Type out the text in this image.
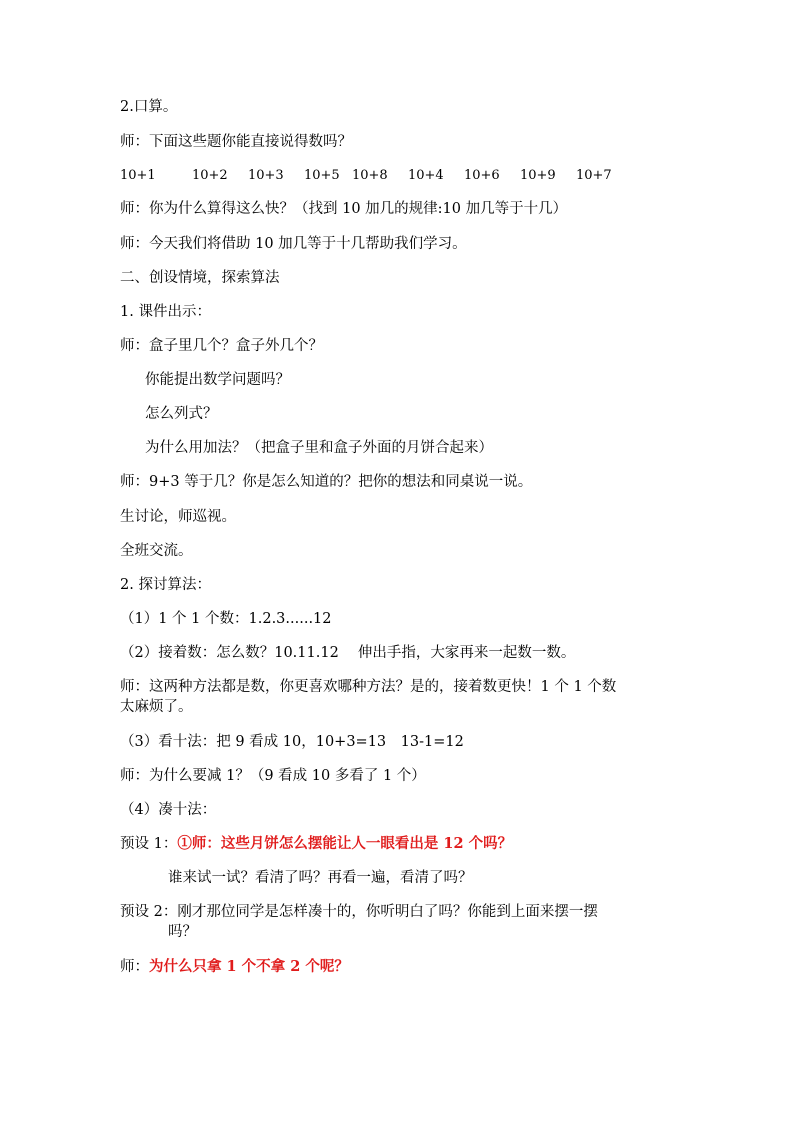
2.口算。
师：下面这些题你能直接说得数吗？
10+1	10+2 10+3 10+5 10+8 10+4 10+6 10+9 10+7
师：你为什么算得这么快？（找到 10 加几的规律:10 加几等于十几）
师：今天我们将借助 10 加几等于十几帮助我们学习。
二、创设情境，探索算法
1. 课件出示：
师：盒子里几个？盒子外几个？
你能提出数学问题吗？
怎么列式？
为什么用加法？（把盒子里和盒子外面的月饼合起来）
师：9+3 等于几？你是怎么知道的？把你的想法和同桌说一说。
生讨论，师巡视。
全班交流。
2. 探讨算法：
（1）1 个 1 个数：1.2.3......12
（2）接着数：怎么数？10.11.12　 伸出手指，大家再来一起数一数。
师：这两种方法都是数，你更喜欢哪种方法？是的，接着数更快！1 个 1 个数
太麻烦了。
（3）看十法：把 9 看成 10，10+3=13　13-1=12
师：为什么要减 1？（9 看成 10 多看了 1 个）
（4）凑十法：
预设 1：①师：这些月饼怎么摆能让人一眼看出是 12 个吗？
谁来试一试？看清了吗？再看一遍，看清了吗？
预设 2：刚才那位同学是怎样凑十的，你听明白了吗？你能到上面来摆一摆
吗？
师：为什么只拿 1 个不拿 2 个呢？
